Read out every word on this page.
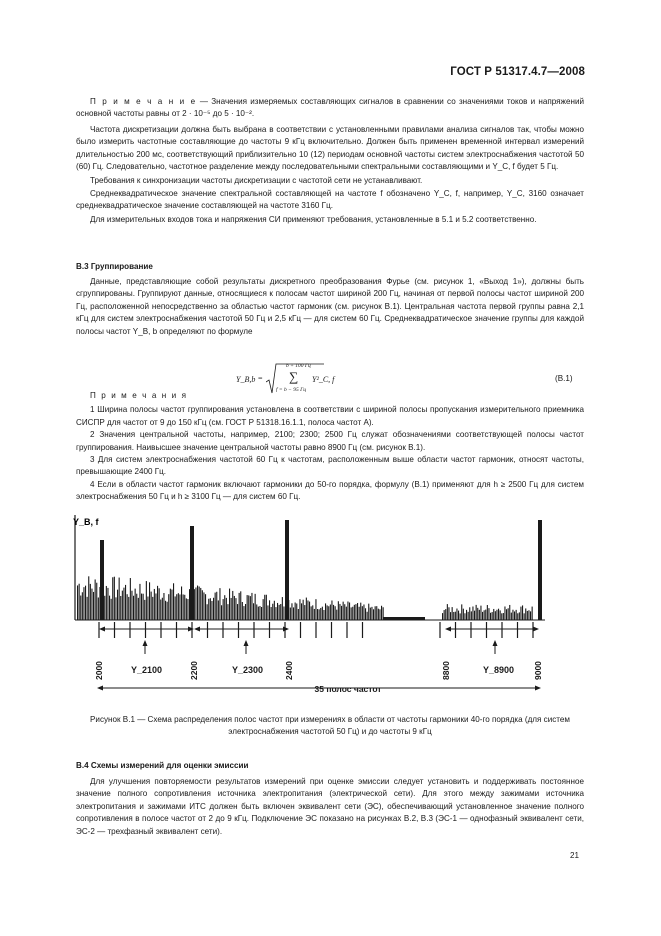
ГОСТ Р 51317.4.7—2008

П р и м е ч а н и е — Значения измеряемых составляющих сигналов в сравнении со значениями токов и напряжений основной частоты равны от 2 · 10⁻⁵ до 5 · 10⁻².

Частота дискретизации должна быть выбрана в соответствии с установленными правилами анализа сигналов так, чтобы можно было измерить частотные составляющие до частоты 9 кГц включительно. Должен быть применен временной интервал измерений длительностью 200 мс, соответствующий приблизительно 10 (12) периодам основной частоты систем электроснабжения частотой 50 (60) Гц. Следовательно, частотное разделение между последовательными спектральными составляющими и Y_C, f будет 5 Гц.

Требования к синхронизации частоты дискретизации с частотой сети не устанавливают.

Среднеквадратическое значение спектральной составляющей на частоте f обозначено Y_C, f, например, Y_C, 3160 означает среднеквадратическое значение составляющей на частоте 3160 Гц.

Для измерительных входов тока и напряжения СИ применяют требования, установленные в 5.1 и 5.2 соответственно.

В.3 Группирование

Данные, представляющие собой результаты дискретного преобразования Фурье (см. рисунок 1, «Выход 1»), должны быть сгруппированы. Группируют данные, относящиеся к полосам частот шириной 200 Гц, начиная от первой полосы частот шириной 200 Гц, расположенной непосредственно за областью частот гармоник (см. рисунок В.1). Центральная частота первой группы равна 2,1 кГц для систем электроснабжения частотой 50 Гц и 2,5 кГц — для систем 60 Гц. Среднеквадратическое значение группы для каждой полосы частот Y_B, b определяют по формуле

Y_B,b =
b + 100 Гц
∑
f = b − 95 Гц
Y²_C, f	(В.1)

П р и м е ч а н и я

1 Ширина полосы частот группирования установлена в соответствии с шириной полосы пропускания измерительного приемника СИСПР для частот от 9 до 150 кГц (см. ГОСТ Р 51318.16.1.1, полоса частот А).

2 Значения центральной частоты, например, 2100; 2300; 2500 Гц служат обозначениями соответствующей полосы частот группирования. Наивысшее значение центральной частоты равно 8900 Гц (см. рисунок В.1).

3 Для систем электроснабжения частотой 60 Гц к частотам, расположенным выше области частот гармоник, относят частоты, превышающие 2400 Гц.

4 Если в области частот гармоник включают гармоники до 50-го порядка, формулу (В.1) применяют для h ≥ 2500 Гц для систем электроснабжения 50 Гц и h ≥ 3100 Гц — для систем 60 Гц.

Y_B, f
2000	2200	2400	8800	9000
Y_2100	Y_2300	Y_8900
35 полос частот
Рисунок В.1 — Схема распределения полос частот при измерениях в области от частоты гармоники 40-го порядка (для систем электроснабжения частотой 50 Гц) и до частоты 9 кГц
В.4 Схемы измерений для оценки эмиссии

Для улучшения повторяемости результатов измерений при оценке эмиссии следует установить и поддерживать постоянное значение полного сопротивления источника электропитания (электрической сети). Для этого между зажимами источника электропитания и зажимами ИТС должен быть включен эквивалент сети (ЭС), обеспечивающий установленное значение полного сопротивления в полосе частот от 2 до 9 кГц. Подключение ЭС показано на рисунках В.2, В.3 (ЭС-1 — однофазный эквивалент сети, ЭС-2 — трехфазный эквивалент сети).

21
